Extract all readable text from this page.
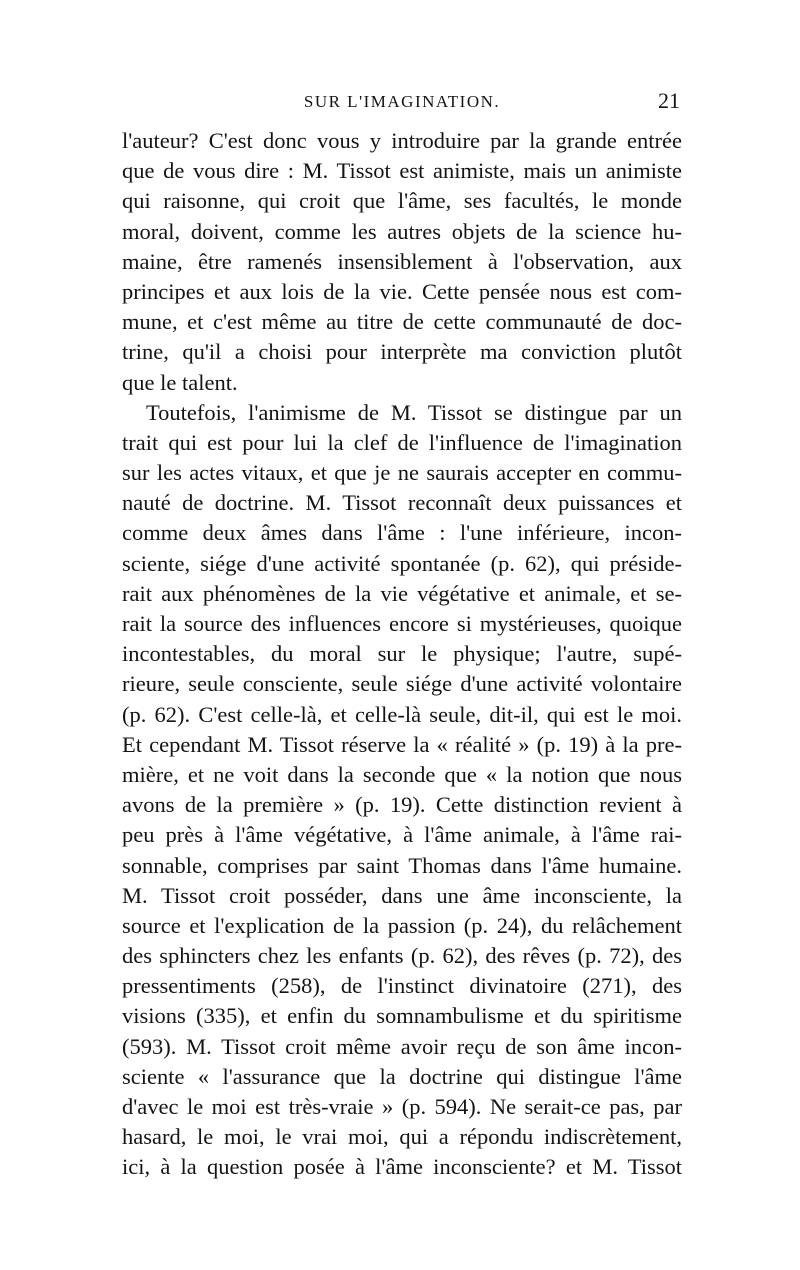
SUR L'IMAGINATION.	21
l'auteur? C'est donc vous y introduire par la grande entrée
que de vous dire : M. Tissot est animiste, mais un animiste
qui raisonne, qui croit que l'âme, ses facultés, le monde
moral, doivent, comme les autres objets de la science hu-
maine, être ramenés insensiblement à l'observation, aux
principes et aux lois de la vie. Cette pensée nous est com-
mune, et c'est même au titre de cette communauté de doc-
trine, qu'il a choisi pour interprète ma conviction plutôt
que le talent.
Toutefois, l'animisme de M. Tissot se distingue par un
trait qui est pour lui la clef de l'influence de l'imagination
sur les actes vitaux, et que je ne saurais accepter en commu-
nauté de doctrine. M. Tissot reconnaît deux puissances et
comme deux âmes dans l'âme : l'une inférieure, incon-
sciente, siége d'une activité spontanée (p. 62), qui préside-
rait aux phénomènes de la vie végétative et animale, et se-
rait la source des influences encore si mystérieuses, quoique
incontestables, du moral sur le physique; l'autre, supé-
rieure, seule consciente, seule siége d'une activité volontaire
(p. 62). C'est celle-là, et celle-là seule, dit-il, qui est le moi.
Et cependant M. Tissot réserve la « réalité » (p. 19) à la pre-
mière, et ne voit dans la seconde que « la notion que nous
avons de la première » (p. 19). Cette distinction revient à
peu près à l'âme végétative, à l'âme animale, à l'âme rai-
sonnable, comprises par saint Thomas dans l'âme humaine.
M. Tissot croit posséder, dans une âme inconsciente, la
source et l'explication de la passion (p. 24), du relâchement
des sphincters chez les enfants (p. 62), des rêves (p. 72), des
pressentiments (258), de l'instinct divinatoire (271), des
visions (335), et enfin du somnambulisme et du spiritisme
(593). M. Tissot croit même avoir reçu de son âme incon-
sciente « l'assurance que la doctrine qui distingue l'âme
d'avec le moi est très-vraie » (p. 594). Ne serait-ce pas, par
hasard, le moi, le vrai moi, qui a répondu indiscrètement,
ici, à la question posée à l'âme inconsciente? et M. Tissot
